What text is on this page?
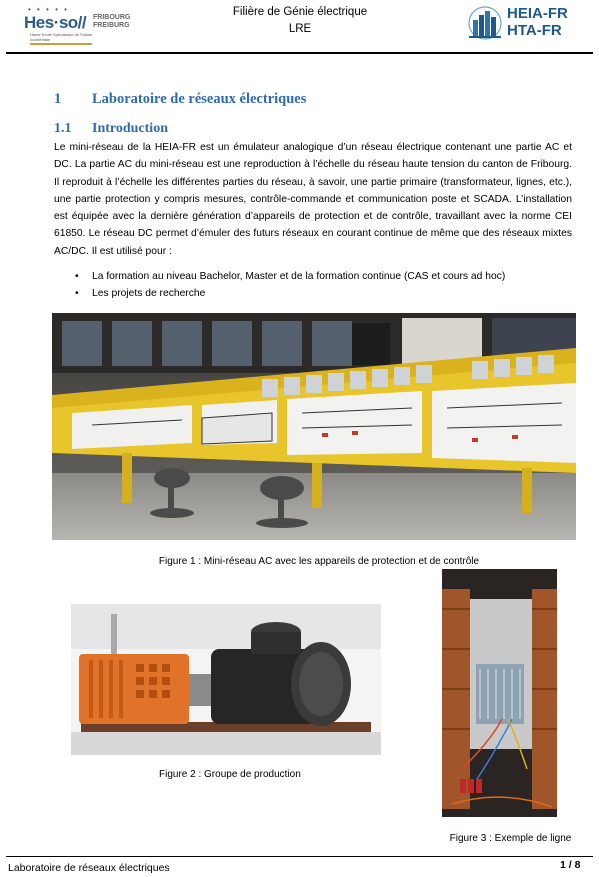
• • • • •
Hes·so// FRIBOURG
FREIBURG
Haute Ecole Spécialisée de Suisse occidentale
Filière de Génie électrique
LRE
HEIA-FR
HTA-FR
1 Laboratoire de réseaux électriques
1.1 Introduction
Le mini-réseau de la HEIA-FR est un émulateur analogique d’un réseau électrique contenant une partie AC et DC. La partie AC du mini-réseau est une reproduction à l’échelle du réseau haute tension du canton de Fribourg. Il reproduit à l’échelle les différentes parties du réseau, à savoir, une partie primaire (transformateur, lignes, etc.), une partie protection y compris mesures, contrôle-commande et communication poste et SCADA. L’installation est équipée avec la dernière génération d’appareils de protection et de contrôle, travaillant avec la norme CEI 61850. Le réseau DC permet d’émuler des futurs réseaux en courant continue de même que des réseaux mixtes AC/DC. Il est utilisé pour :
• La formation au niveau Bachelor, Master et de la formation continue (CAS et cours ad hoc)
• Les projets de recherche
Figure 1 : Mini-réseau AC avec les appareils de protection et de contrôle
Figure 2 : Groupe de production
Figure 3 : Exemple de ligne
Laboratoire de réseaux électriques	1 / 8
